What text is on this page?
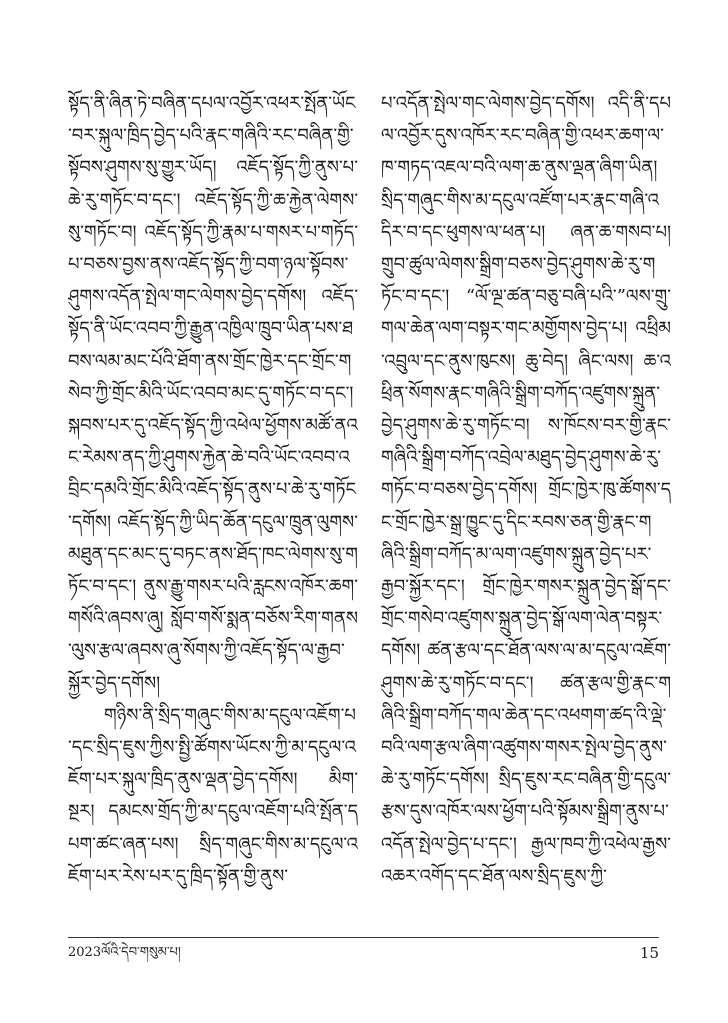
སྟོད་ནི་ཞིན་ཏེ་བཞིན་དཔལ་འབྱོར་འཕར་སྤོན་ཡོང་བར་སྐུལ་ཁྲིད་བྱེད་པའི་རྣང་གཞིའི་རང་བཞིན་གྱི་སྟོབས་ཤུགས་སུ་གྱུར་ཡོད། འཇོད་སྟོད་ཀྱི་ནུས་པ་ཆེ་རུ་གཏོང་བ་དང་། འཇོད་སྟོད་ཀྱི་ཆ་རྐྱེན་ལེགས་སུ་གཏོང་བ། འཇོད་སྟོད་ཀྱི་རྣམ་པ་གསར་པ་གཏོད་པ་བཅས་བྱས་ནས་འཇོད་སྟོད་ཀྱི་བག་ཉལ་སྟོབས་ཤུགས་འདོན་སྤེལ་གང་ལེགས་བྱེད་དགོས། འཇོད་སྟོད་ནི་ཡོང་འབབ་ཀྱི་རྒྱུན་འཁྱིལ་ཁྲུབ་ཡིན་པས་ཐབས་ལམ་མང་པོའི་ཐོག་ནས་གྲོང་ཁྱེར་དང་གྲོང་གསེབ་ཀྱི་གྲོང་མིའི་ཡོང་འབབ་མང་དུ་གཏོང་བ་དང་། སྐབས་པར་དུ་འཇོད་སྟོད་ཀྱི་འཕེལ་ཕྱོགས་མཚོ་ནའང་རེམས་ནད་ཀྱི་ཤུགས་རྐྱེན་ཆེ་བའི་ཡོང་འབབ་འབྲིང་དམའི་གྲོང་མིའི་འཇོད་སྟོད་ནུས་པ་ཆེ་རུ་གཏོང་དགོས། འཇོད་སྟོད་ཀྱི་ཡིད་ཆོན་དངུལ་ཁྲུན་ལུགས་མཐུན་དང་མང་དུ་བཏང་ནས་ཐོད་ཁང་ལེགས་སུ་གཏོང་བ་དང་། ནུས་རྒྱུ་གསར་པའི་རླངས་འཁོར་ཆག་གསོའི་ཞབས་ཞུ། སློབ་གསོ་སྨན་བཅོས་རིག་གནས་ལུས་རྩལ་ཞབས་ཞུ་སོགས་ཀྱི་འཇོད་སྟོད་ལ་རྒྱབ་སྐྱོར་བྱེད་དགོས།

གཉིས་ནི་སྲིད་གཞུང་གིས་མ་དངུལ་འཇོག་པ་དང་སྲིད་ཇུས་ཀྱིས་སྤྱི་ཚོགས་ཡོངས་ཀྱི་མ་དངུལ་འཇོག་པར་སྐུལ་ཁྲིད་ནུས་ལྡན་བྱེད་དགོས། མིག་སྔར། དམངས་གྲོད་ཀྱི་མ་དངུལ་འཇོག་པའི་སྤོན་དཔག་ཚང་ཞན་པས། སྲིད་གཞུང་གིས་མ་དངུལ་འཇོག་པར་རེས་པར་དུ་ཁྲིད་སྟོན་གྱི་ནུས་

པ་འདོན་སྤེལ་གང་ལེགས་བྱེད་དགོས། འདི་ནི་དཔལ་འབྱོར་དུས་འཁོར་རང་བཞིན་གྱི་འཕར་ཆག་ལ་ཁ་གཏད་འཇལ་བའི་ལག་ཆ་ནུས་ལྡན་ཞིག་ཡིན། སྲིད་གཞུང་གིས་མ་དངུལ་འཛོག་པར་རྣང་གཞི་འདིར་བ་དང་ཕུགས་ལ་ཕན་པ། ཞན་ཆ་གསབ་པ། གྲུབ་ཚུལ་ལེགས་སྒྲིག་བཅས་བྱེད་ཤུགས་ཆེ་རུ་གཏོང་བ་དང་། “ལོ་ལྔ་ཚན་བཅུ་བཞི་པའི་”ལས་གྲུ་གལ་ཆེན་ལག་བསྟར་གང་མགྱོགས་བྱེད་པ། འཕྲིམ་འབྲུལ་དང་ནུས་ཁུངས། ཆུ་བེད། ཞིང་ལས། ཆ་འཕྲིན་སོགས་རྣང་གཞིའི་སྒྲིག་བཀོད་འཛུགས་སྐྲུན་བྱེད་ཤུགས་ཆེ་རུ་གཏོང་བ། ས་ཁོངས་བར་གྱི་རྣང་གཞིའི་སྒྲིག་བཀོད་འབྲེལ་མཐུད་བྱེད་ཤུགས་ཆེ་རུ་གཏོང་བ་བཅས་བྱེད་དགོས། གྲོང་ཁྱེར་ཁུ་ཚོགས་དང་གྲོང་ཁྱེར་སྒྲ་ཁྱུང་དུ་དིང་རབས་ཅན་གྱི་རྣང་གཞིའི་སྒྲིག་བཀོད་མ་ལག་འཛུགས་སྐྲུན་བྱེད་པར་རྒྱབ་སྐྱོར་དང་། གྲོང་ཁྱེར་གསར་སྐྲུན་བྱེད་སྒོ་དང་གྲོང་གསེབ་འཛུགས་སྐྲུན་བྱེད་སྒོ་ལག་ལེན་བསྟར་དགོས། ཚན་རྩལ་དང་ཐོན་ལས་ལ་མ་དངུལ་འཇོག་ཤུགས་ཆེ་རུ་གཏོང་བ་དང་། ཚན་རྩལ་གྱི་རྣང་གཞིའི་སྒྲིག་བཀོད་གལ་ཆེན་དང་འཕགག་ཚད་འི་ལྡེ་བའི་ལག་རྩལ་ཞིག་འཚུགས་གསར་སྤེལ་བྱེད་ནུས་ཆེ་རུ་གཏོང་དགོས། སྲིད་ཇུས་རང་བཞིན་གྱི་དངུལ་རྩས་དུས་འཁོར་ལས་ཕྱོག་པའི་སྟོམས་སྒྲིག་ནུས་པ་འདོན་སྤེལ་བྱེད་པ་དང་། རྒྱལ་ཁབ་ཀྱི་འཕེལ་རྒྱས་འཆར་འགོད་དང་ཐོན་ལས་སྲིད་ཇུས་ཀྱི་

2023ལོའི་དེབ་གསུམ་པ།	15
